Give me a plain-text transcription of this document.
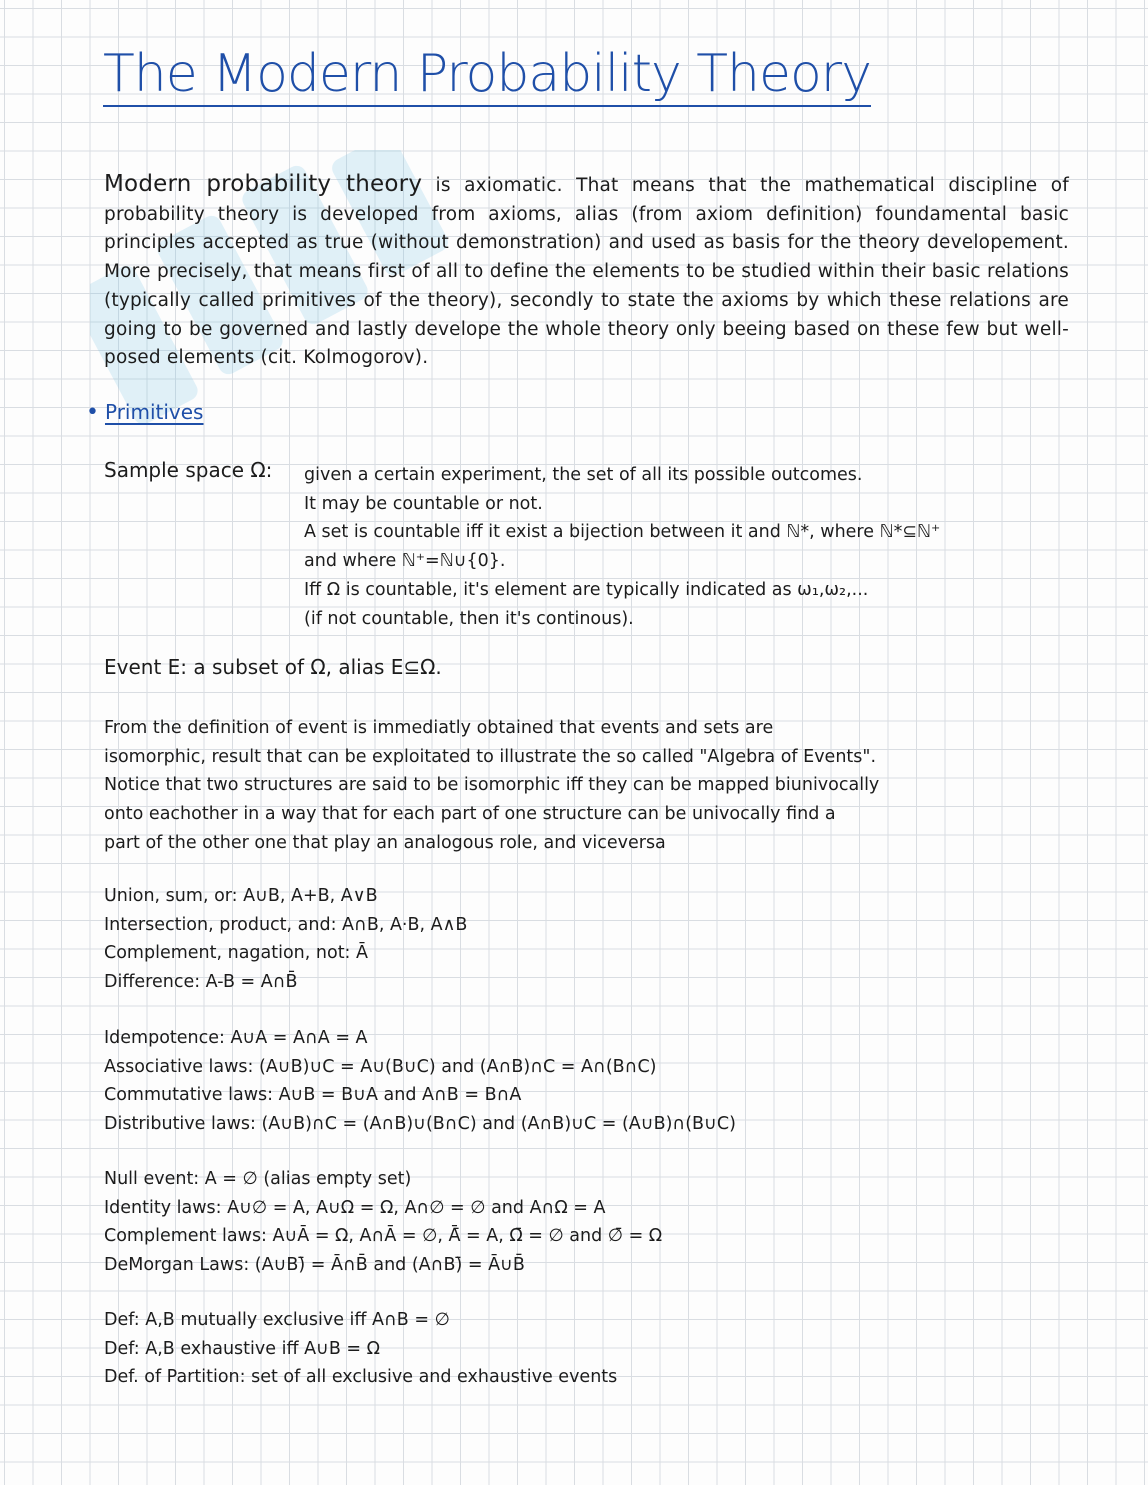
The Modern Probability Theory

Modern probability theory is axiomatic. That means that the mathematical discipline of probability theory is developed from axioms, alias (from axiom definition) foundamental basic principles accepted as true (without demonstration) and used as basis for the theory developement. More precisely, that means first of all to define the elements to be studied within their basic relations (typically called primitives of the theory), secondly to state the axioms by which these relations are going to be governed and lastly develope the whole theory only beeing based on these few but well-posed elements (cit. Kolmogorov).

• Primitives
Sample space Ω: given a certain experiment, the set of all its possible outcomes.
It may be countable or not.
A set is countable iff it exist a bijection between it and ℕ*, where ℕ*⊆ℕ⁺
and where ℕ⁺=ℕ∪{0}.
Iff Ω is countable, it's element are typically indicated as ω₁,ω₂,...
(if not countable, then it's continous).
Event E: a subset of Ω, alias E⊆Ω.
From the definition of event is immediatly obtained that events and sets are
isomorphic, result that can be exploitated to illustrate the so called "Algebra of Events".
Notice that two structures are said to be isomorphic iff they can be mapped biunivocally
onto eachother in a way that for each part of one structure can be univocally find a
part of the other one that play an analogous role, and viceversa
Union, sum, or: A∪B, A+B, A∨B
Intersection, product, and: A∩B, A·B, A∧B
Complement, nagation, not: Ā
Difference: A-B = A∩B̄
Idempotence: A∪A = A∩A = A
Associative laws: (A∪B)∪C = A∪(B∪C) and (A∩B)∩C = A∩(B∩C)
Commutative laws: A∪B = B∪A and A∩B = B∩A
Distributive laws: (A∪B)∩C = (A∩B)∪(B∩C) and (A∩B)∪C = (A∪B)∩(B∪C)
Null event: A = ∅ (alias empty set)
Identity laws: A∪∅ = A, A∪Ω = Ω, A∩∅ = ∅ and A∩Ω = A
Complement laws: A∪Ā = Ω, A∩Ā = ∅, Ā̄ = A, Ω̄ = ∅ and ∅̄ = Ω
DeMorgan Laws: (A∪B)̄ = Ā∩B̄ and (A∩B)̄ = Ā∪B̄
Def: A,B mutually exclusive iff A∩B = ∅
Def: A,B exhaustive iff A∪B = Ω
Def. of Partition: set of all exclusive and exhaustive events
